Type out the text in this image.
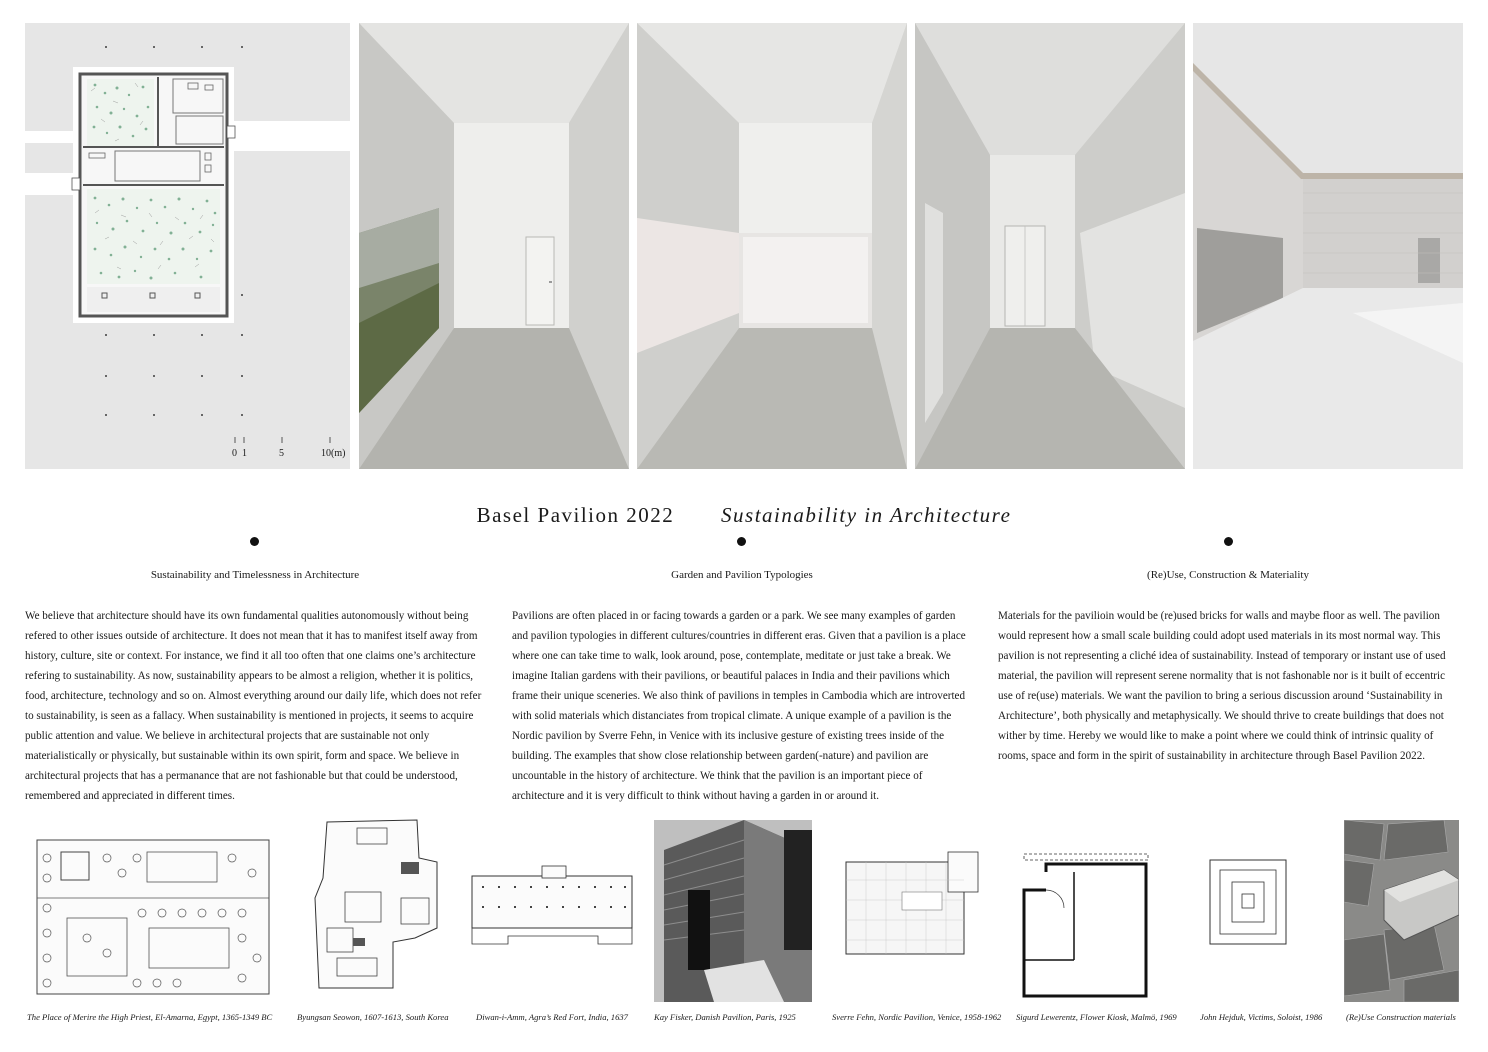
0 1	5	10(m)
Basel Pavilion 2022 Sustainability in Architecture
Sustainability and Timelessness in Architecture	Garden and Pavilion Typologies	(Re)Use, Construction & Materiality

We believe that architecture should have its own fundamental qualities autonomously without being refered to other issues outside of architecture. It does not mean that it has to manifest itself away from history, culture, site or context. For instance, we find it all too often that one claims one’s architecture refering to sustainability. As now, sustainability appears to be almost a religion, whether it is politics, food, architecture, technology and so on. Almost everything around our daily life, which does not refer to sustainability, is seen as a fallacy. When sustainability is mentioned in projects, it seems to acquire public attention and value. We believe in architectural projects that are sustainable not only materialistically or physically, but sustainable within its own spirit, form and space. We believe in architectural projects that has a permanance that are not fashionable but that could be understood, remembered and appreciated in different times.

Pavilions are often placed in or facing towards a garden or a park. We see many examples of garden and pavilion typologies in different cultures/countries in different eras. Given that a pavilion is a place where one can take time to walk, look around, pose, contemplate, meditate or just take a break. We imagine Italian gardens with their pavilions, or beautiful palaces in India and their pavilions which frame their unique sceneries. We also think of pavilions in temples in Cambodia which are introverted with solid materials which distanciates from tropical climate. A unique example of a pavilion is the Nordic pavilion by Sverre Fehn, in Venice with its inclusive gesture of existing trees inside of the building. The examples that show close relationship between garden(-nature) and pavilion are uncountable in the history of architecture. We think that the pavilion is an important piece of architecture and it is very difficult to think without having a garden in or around it.

Materials for the pavilioin would be (re)used bricks for walls and maybe floor as well. The pavilion would represent how a small scale building could adopt used materials in its most normal way. This pavilion is not representing a cliché idea of sustainability. Instead of temporary or instant use of used material, the pavilion will represent serene normality that is not fashonable nor is it built of eccentric use of re(use) materials. We want the pavilion to bring a serious discussion around ‘Sustainability in Architecture’, both physically and metaphysically. We should thrive to create buildings that does not wither by time. Hereby we would like to make a point where we could think of intrinsic quality of rooms, space and form in the spirit of sustainability in architecture through Basel Pavilion 2022.

The Place of Merire the High Priest, El-Amarna, Egypt, 1365-1349 BC	Byungsan Seowon, 1607-1613, South Korea	Diwan-i-Amm, Agra’s Red Fort, India, 1637	Kay Fisker, Danish Pavilion, Paris, 1925	Sverre Fehn, Nordic Pavilion, Venice, 1958-1962 Sigurd Lewerentz, Flower Kiosk, Malmö, 1969	John Hejduk, Victims, Soloist, 1986	(Re)Use Construction materials
